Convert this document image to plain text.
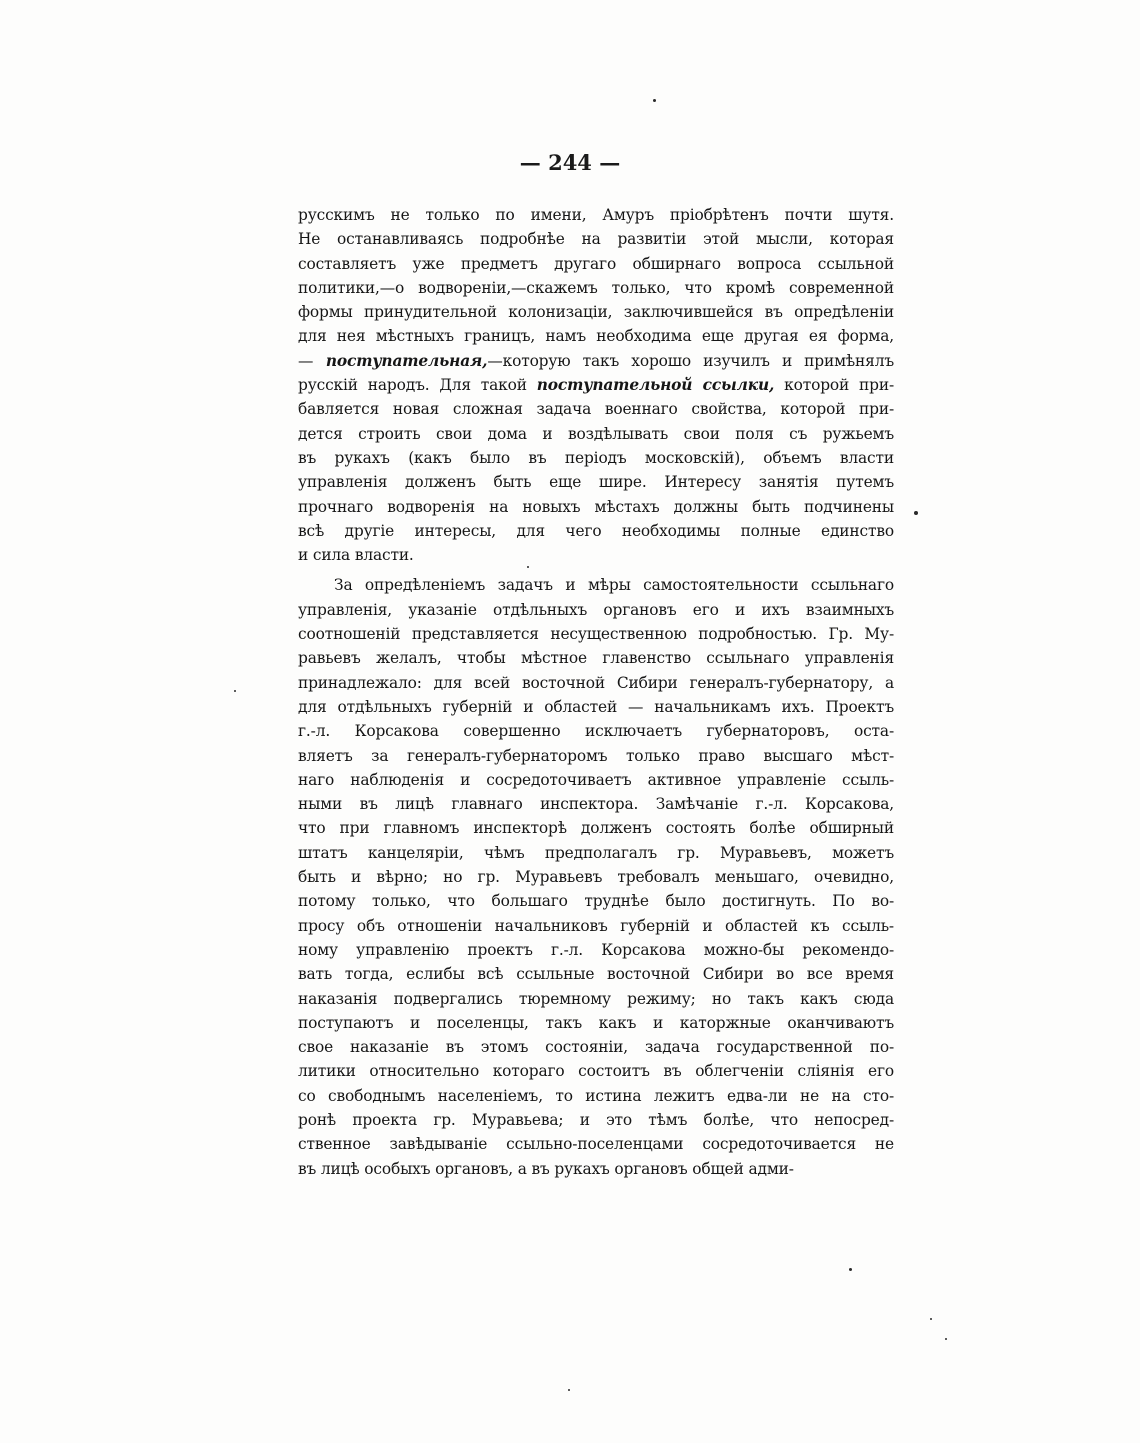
— 244 —
русскимъ не только по имени, Амуръ пріобрѣтенъ почти шутя.
Не останавливаясь подробнѣе на развитіи этой мысли, которая
составляетъ уже предметъ другаго обширнаго вопроса ссыльной
политики,—о водвореніи,—скажемъ только, что кромѣ современной
формы принудительной колонизаціи, заключившейся въ опредѣленіи
для нея мѣстныхъ границъ, намъ необходима еще другая ея форма,
— поступательная,—которую такъ хорошо изучилъ и примѣнялъ
русскій народъ. Для такой поступательной ссылки, которой при-
бавляется новая сложная задача военнаго свойства, которой при-
дется строить свои дома и воздѣлывать свои поля съ ружьемъ
въ рукахъ (какъ было въ періодъ московскій), объемъ власти
управленія долженъ быть еще шире. Интересу занятія путемъ
прочнаго водворенія на новыхъ мѣстахъ должны быть подчинены
всѣ другіе интересы, для чего необходимы полные единство
и сила власти.
За опредѣленіемъ задачъ и мѣры самостоятельности ссыльнаго
управленія, указаніе отдѣльныхъ органовъ его и ихъ взаимныхъ
соотношеній представляется несущественною подробностью. Гр. Му-
равьевъ желалъ, чтобы мѣстное главенство ссыльнаго управленія
принадлежало: для всей восточной Сибири генералъ-губернатору, а
для отдѣльныхъ губерній и областей — начальникамъ ихъ. Проектъ
г.-л. Корсакова совершенно исключаетъ губернаторовъ, оста-
вляетъ за генералъ-губернаторомъ только право высшаго мѣст-
наго наблюденія и сосредоточиваетъ активное управленіе ссыль-
ными въ лицѣ главнаго инспектора. Замѣчаніе г.-л. Корсакова,
что при главномъ инспекторѣ долженъ состоять болѣе обширный
штатъ канцеляріи, чѣмъ предполагалъ гр. Муравьевъ, можетъ
быть и вѣрно; но гр. Муравьевъ требовалъ меньшаго, очевидно,
потому только, что большаго труднѣе было достигнуть. По во-
просу объ отношеніи начальниковъ губерній и областей къ ссыль-
ному управленію проектъ г.-л. Корсакова можно-бы рекомендо-
вать тогда, еслибы всѣ ссыльные восточной Сибири во все время
наказанія подвергались тюремному режиму; но такъ какъ сюда
поступаютъ и поселенцы, такъ какъ и каторжные оканчиваютъ
свое наказаніе въ этомъ состояніи, задача государственной по-
литики относительно котораго состоитъ въ облегченіи сліянія его
со свободнымъ населеніемъ, то истина лежитъ едва-ли не на сто-
ронѣ проекта гр. Муравьева; и это тѣмъ болѣе, что непосред-
ственное завѣдываніе ссыльно-поселенцами сосредоточивается не
въ лицѣ особыхъ органовъ, а въ рукахъ органовъ общей адми-
